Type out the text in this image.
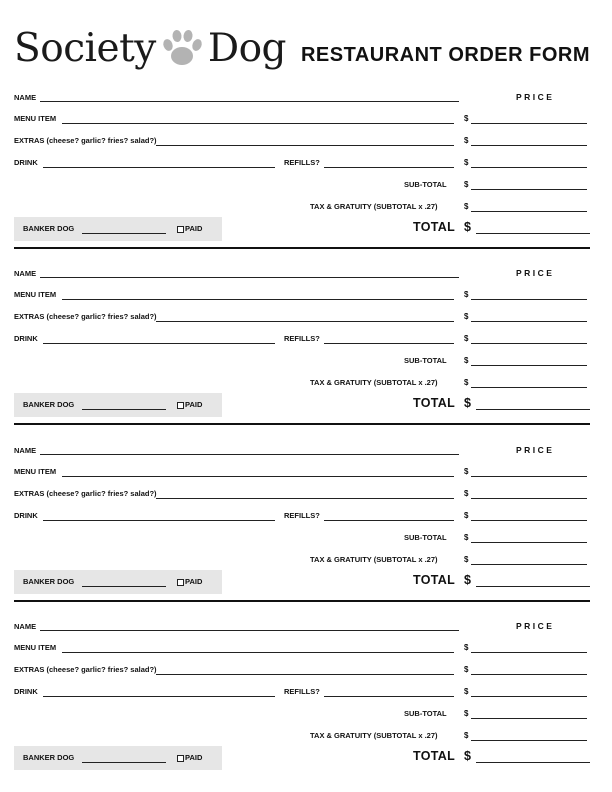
Society Dog RESTAURANT ORDER FORM
NAME	PRICE
MENU ITEM	$
EXTRAS (cheese? garlic? fries? salad?)	$
DRINK	REFILLS?	$
SUB-TOTAL $
TAX & GRATUITY (SUBTOTAL x .27)	$
BANKER DOG	PAID	TOTAL $
NAME	PRICE
MENU ITEM	$
EXTRAS (cheese? garlic? fries? salad?)	$
DRINK	REFILLS?	$
SUB-TOTAL $
TAX & GRATUITY (SUBTOTAL x .27)	$
BANKER DOG	PAID	TOTAL $
NAME	PRICE
MENU ITEM	$
EXTRAS (cheese? garlic? fries? salad?)	$
DRINK	REFILLS?	$
SUB-TOTAL $
TAX & GRATUITY (SUBTOTAL x .27)	$
BANKER DOG	PAID	TOTAL $
NAME	PRICE
MENU ITEM	$
EXTRAS (cheese? garlic? fries? salad?)	$
DRINK	REFILLS?	$
SUB-TOTAL $
TAX & GRATUITY (SUBTOTAL x .27)	$
BANKER DOG	PAID	TOTAL $
